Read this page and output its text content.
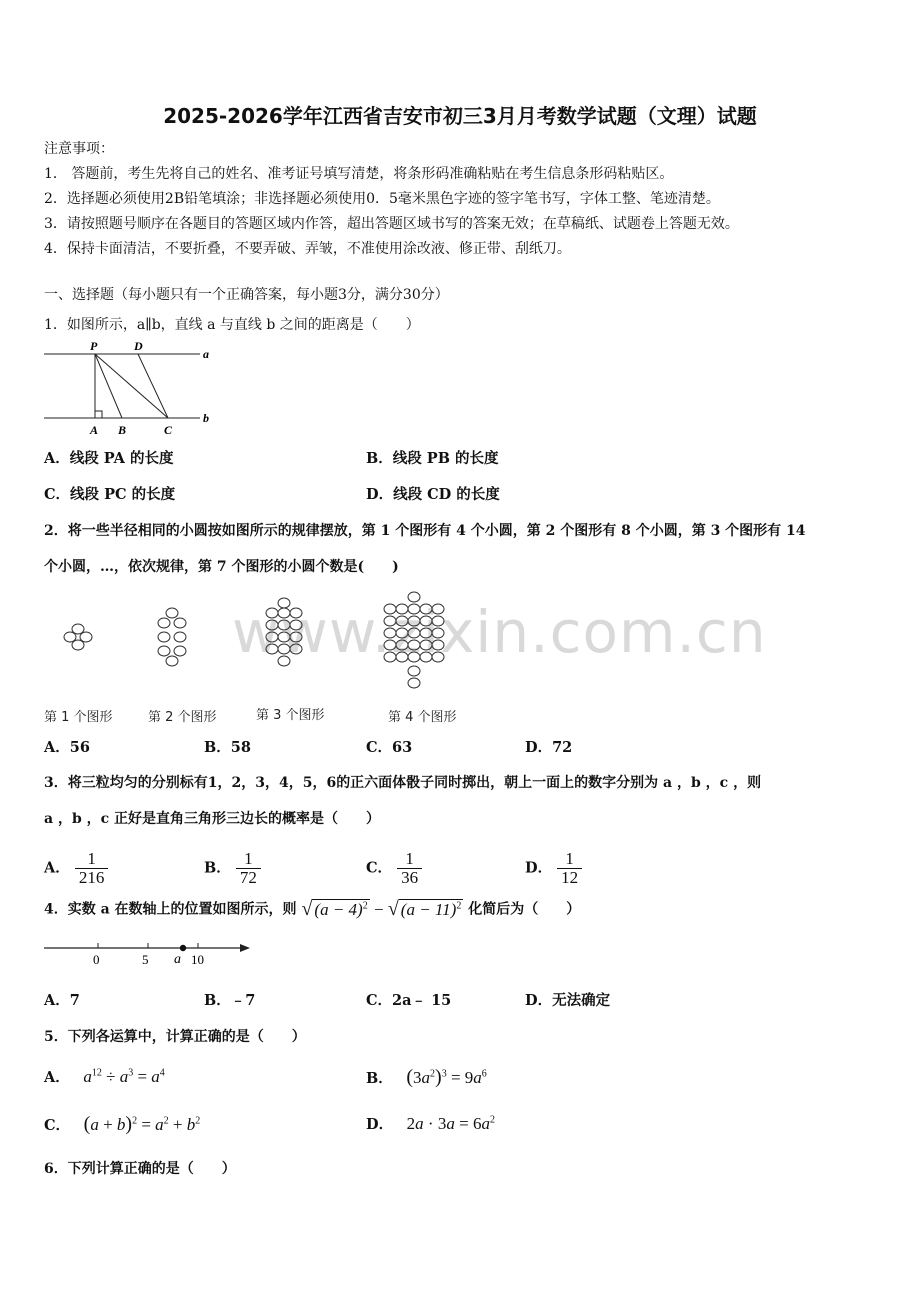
2025-2026学年江西省吉安市初三3月月考数学试题（文理）试题
注意事项：
1． 答题前，考生先将自己的姓名、准考证号填写清楚，将条形码准确粘贴在考生信息条形码粘贴区。
2．选择题必须使用2B铅笔填涂；非选择题必须使用0．5毫米黑色字迹的签字笔书写，字体工整、笔迹清楚。
3．请按照题号顺序在各题目的答题区域内作答，超出答题区域书写的答案无效；在草稿纸、试题卷上答题无效。
4．保持卡面清洁，不要折叠，不要弄破、弄皱，不准使用涂改液、修正带、刮纸刀。
一、选择题（每小题只有一个正确答案，每小题3分，满分30分）
1．如图所示，a∥b，直线 a 与直线 b 之间的距离是（　　）
P	D
a
b
A B	C
A．线段 PA 的长度	B．线段 PB 的长度
C．线段 PC 的长度	D．线段 CD 的长度
2．将一些半径相同的小圆按如图所示的规律摆放，第 1 个图形有 4 个小圆，第 2 个图形有 8 个小圆，第 3 个图形有 14
个小圆，…，依次规律，第 7 个图形的小圆个数是(　　)
www.zixin.com.cn
第 1 个图形	第 2 个图形	第 3 个图形	第 4 个图形
A．56	B．58	C．63	D．72
3．将三粒均匀的分别标有1，2，3，4，5，6的正六面体骰子同时掷出，朝上一面上的数字分别为 a ，b ，c ，则
a ，b ，c 正好是直角三角形三边长的概率是（　　）
A． $\frac{1}{216}$	B． $\frac{1}{72}$	C． $\frac{1}{36}$	D． $\frac{1}{12}$
4．实数 a 在数轴上的位置如图所示，则 √ $(a - 4)^2$ − √ $(a - 11)^2$ 化简后为（　　）
0	5 a 10
A．7	B．﹣7	C．2a﹣ 15	D．无法确定
5．下列各运算中，计算正确的是（　　）
A．  $a^{12} \div a^3 = a^4$	B．   $(3a^2)^3 = 9a^6$
C．   $(a + b)^2 = a^2 + b^2$	D．   $2a \cdot 3a = 6a^2$
6．下列计算正确的是（　　）
